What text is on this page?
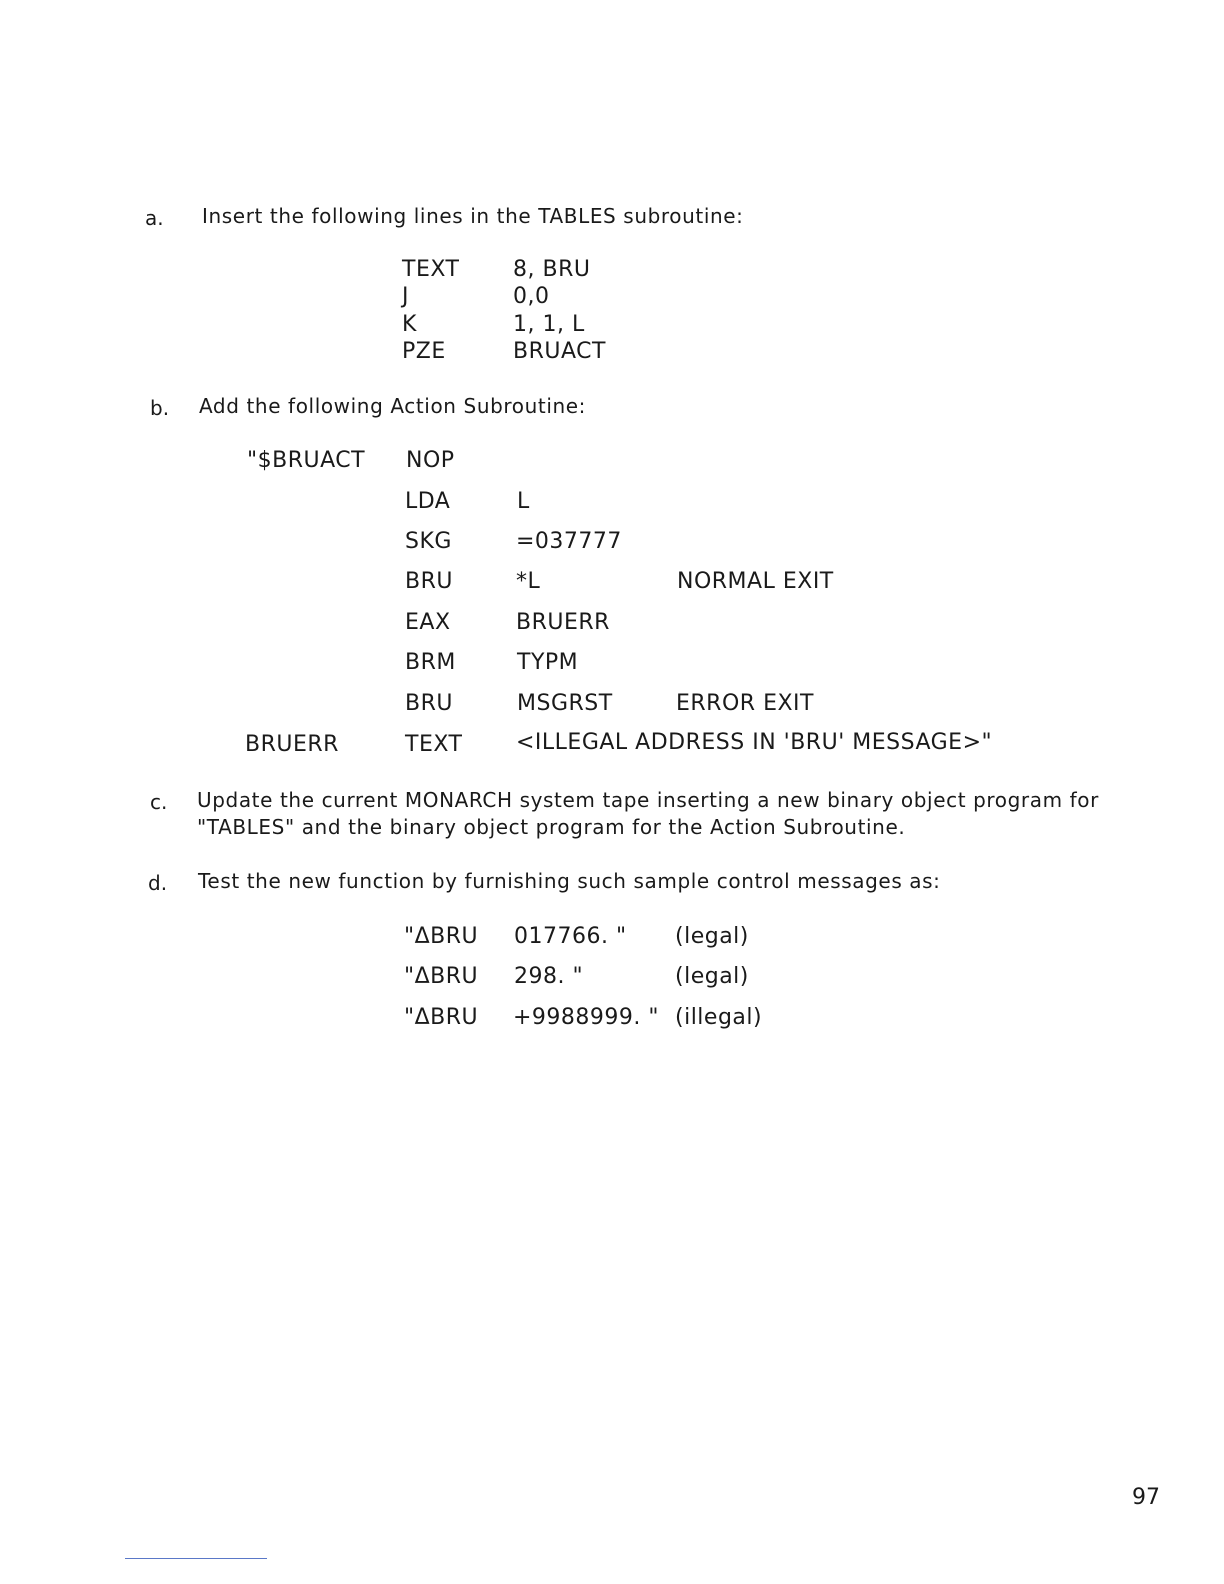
a. Insert the following lines in the TABLES subroutine:
TEXT 8, BRU
J	0,0
K	1, 1, L
PZE	BRUACT
b. Add the following Action Subroutine:
"$BRUACT NOP
LDA	L
SKG	=037777
BRU	*L	NORMAL EXIT
EAX	BRUERR
BRM	TYPM
BRU	MSGRST	ERROR EXIT
BRUERR	TEXT <ILLEGAL ADDRESS IN 'BRU' MESSAGE>"
c. Update the current MONARCH system tape inserting a new binary object program for
"TABLES" and the binary object program for the Action Subroutine.
d. Test the new function by furnishing such sample control messages as:
"ΔBRU 017766. " (legal)
"ΔBRU 298. "	(legal)
"ΔBRU +9988999. " (illegal)
97
